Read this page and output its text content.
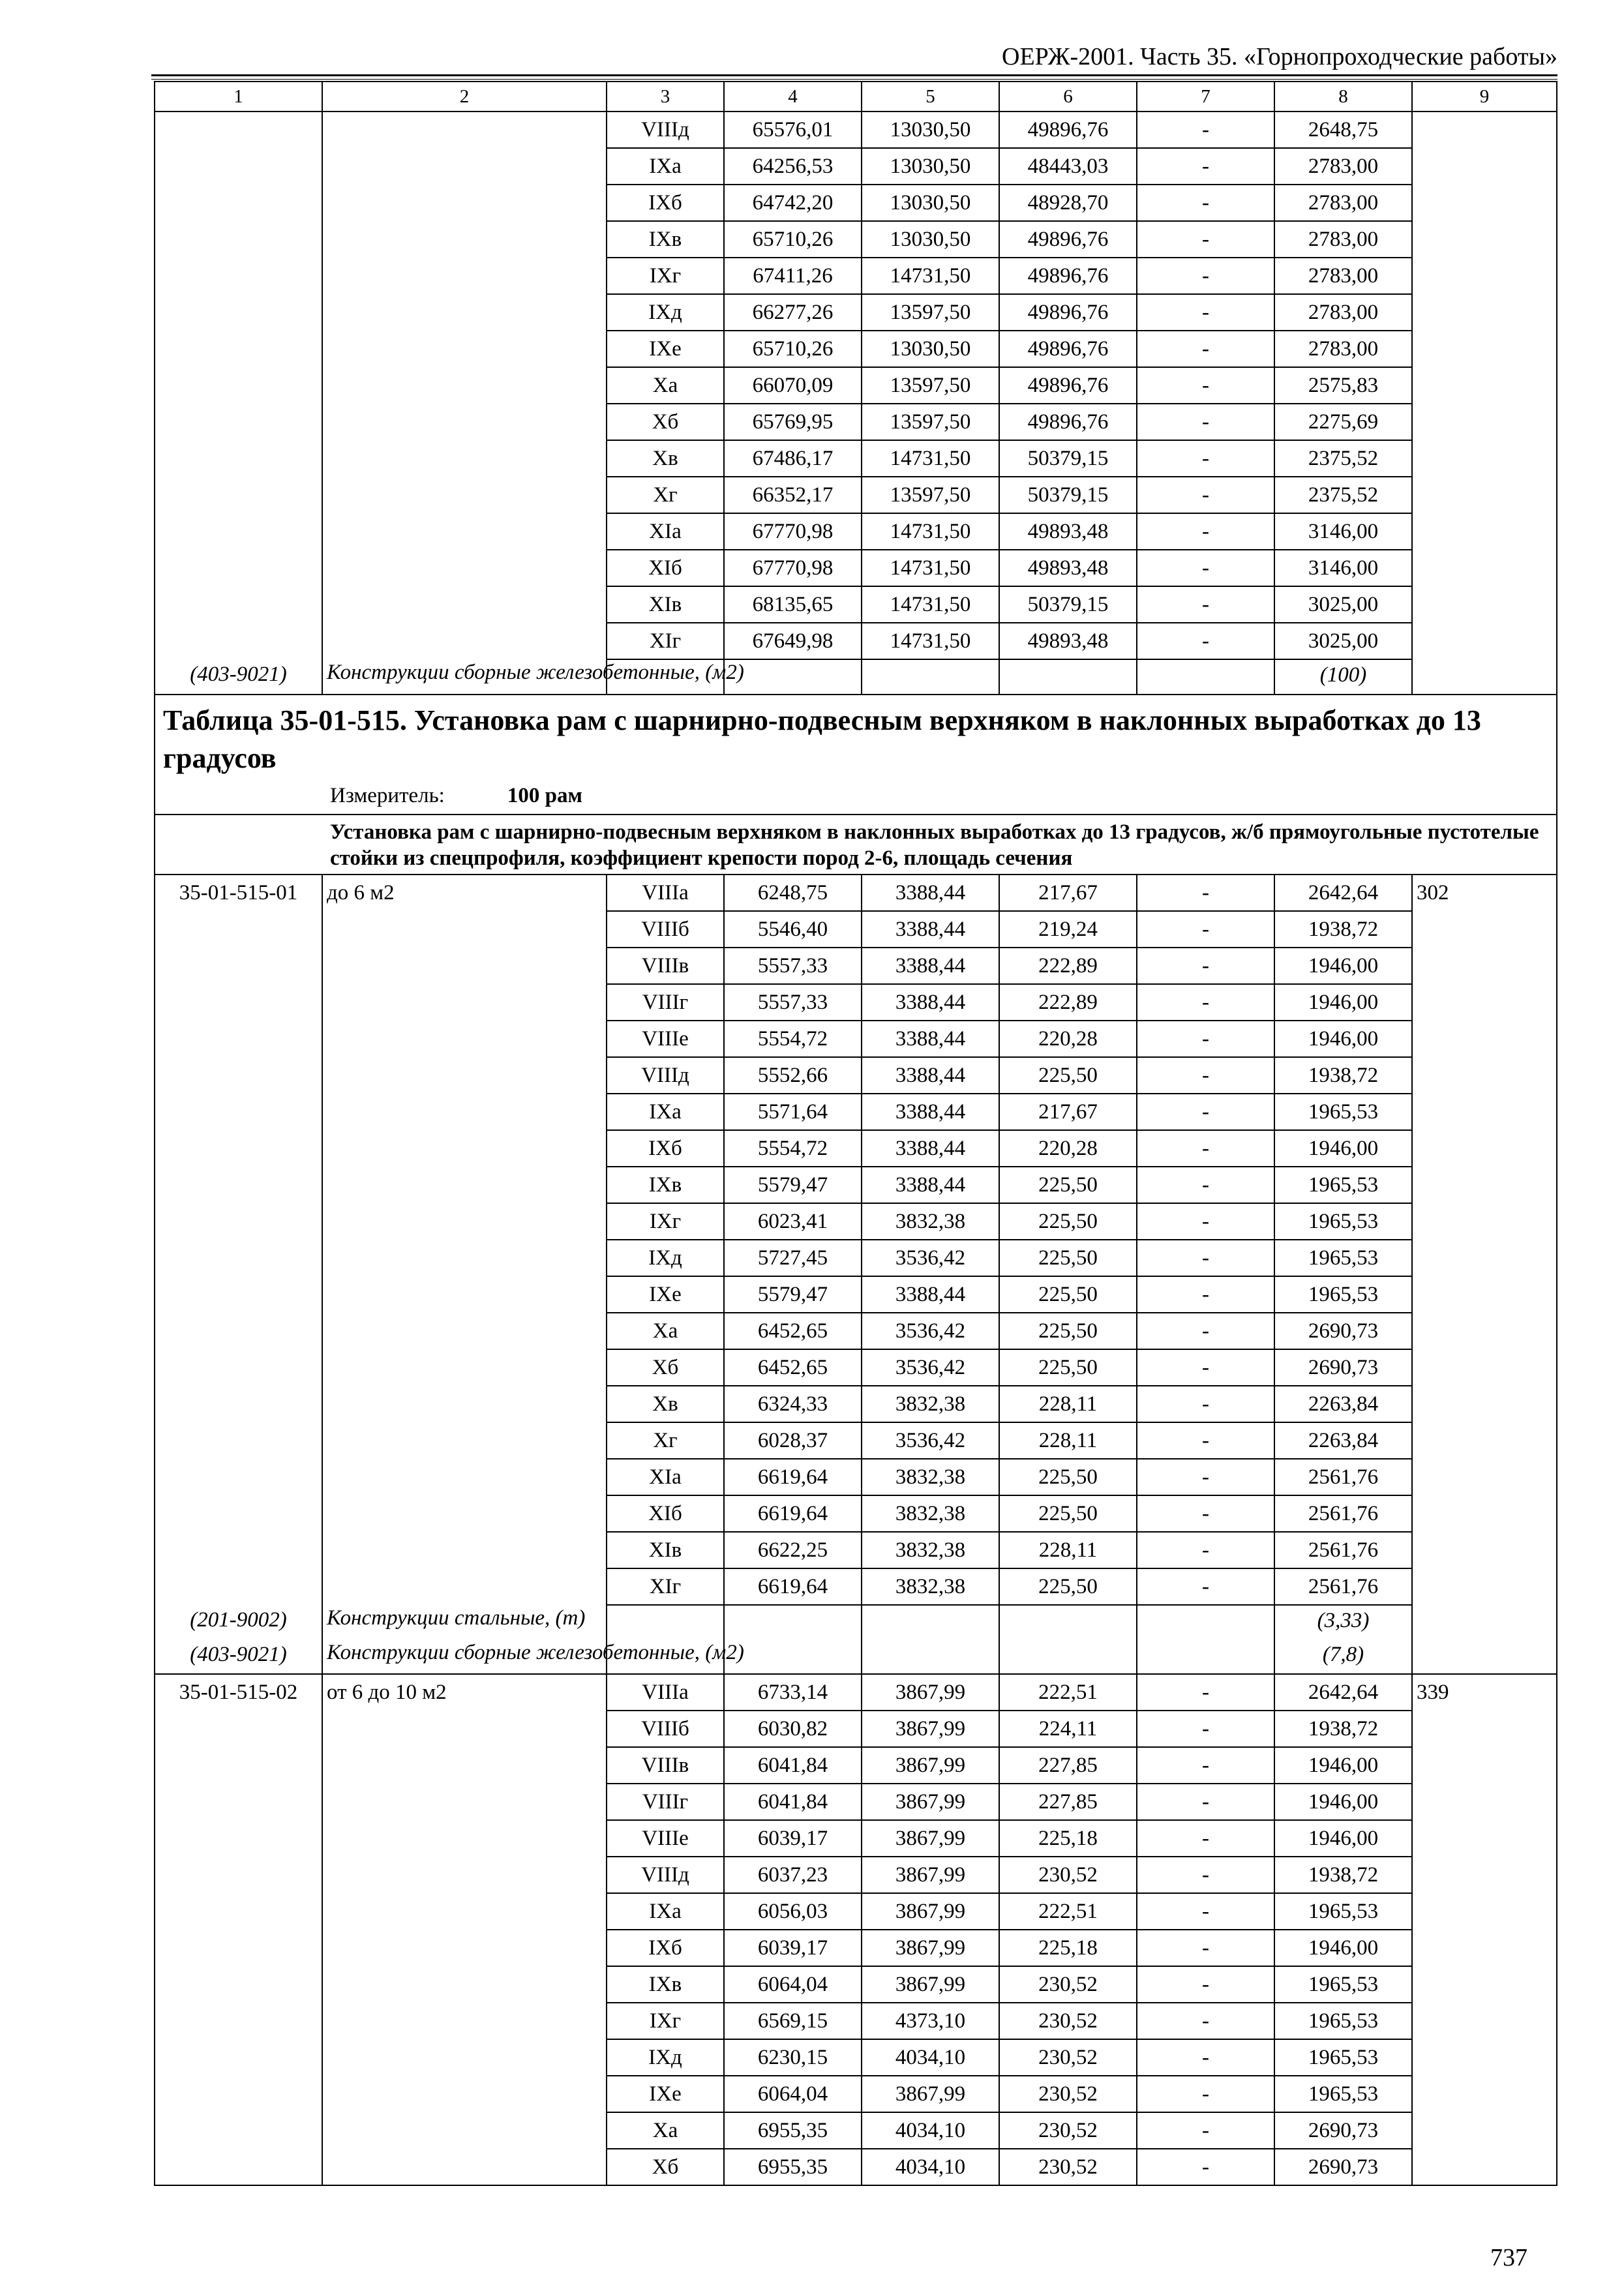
ОЕРЖ-2001. Часть 35. «Горнопроходческие работы»
1	2	3	4	5	6	7	8	9
		VIIIд	65576,01	13030,50	49896,76	-	2648,75	
		IXа	64256,53	13030,50	48443,03	-	2783,00	
		IXб	64742,20	13030,50	48928,70	-	2783,00	
		IXв	65710,26	13030,50	49896,76	-	2783,00	
		IXг	67411,26	14731,50	49896,76	-	2783,00	
		IXд	66277,26	13597,50	49896,76	-	2783,00	
		IXе	65710,26	13030,50	49896,76	-	2783,00	
		Xа	66070,09	13597,50	49896,76	-	2575,83	
		Xб	65769,95	13597,50	49896,76	-	2275,69	
		Xв	67486,17	14731,50	50379,15	-	2375,52	
		Xг	66352,17	13597,50	50379,15	-	2375,52	
		XIа	67770,98	14731,50	49893,48	-	3146,00	
		XIб	67770,98	14731,50	49893,48	-	3146,00	
		XIв	68135,65	14731,50	50379,15	-	3025,00	
		XIг	67649,98	14731,50	49893,48	-	3025,00	
(403-9021)	Конструкции сборные железобетонные, (м2)						(100)	
Таблица 35-01-515. Установка рам с шарнирно-подвесным верхняком в наклонных выработках до 13 градусов								
Измеритель: 100 рам								

Установка рам с шарнирно-подвесным верхняком в наклонных выработках до 13 градусов, ж/б прямоугольные пустотелые стойки из спецпрофиля, коэффициент крепости пород 2-6, площадь сечения								

35-01-515-01	до 6 м2	VIIIа	6248,75	3388,44	217,67	-	2642,64	302
		VIIIб	5546,40	3388,44	219,24	-	1938,72	
		VIIIв	5557,33	3388,44	222,89	-	1946,00	
		VIIIг	5557,33	3388,44	222,89	-	1946,00	
		VIIIе	5554,72	3388,44	220,28	-	1946,00	
		VIIIд	5552,66	3388,44	225,50	-	1938,72	
		IXа	5571,64	3388,44	217,67	-	1965,53	
		IXб	5554,72	3388,44	220,28	-	1946,00	
		IXв	5579,47	3388,44	225,50	-	1965,53	
		IXг	6023,41	3832,38	225,50	-	1965,53	
		IXд	5727,45	3536,42	225,50	-	1965,53	
		IXе	5579,47	3388,44	225,50	-	1965,53	
		Xа	6452,65	3536,42	225,50	-	2690,73	
		Xб	6452,65	3536,42	225,50	-	2690,73	
		Xв	6324,33	3832,38	228,11	-	2263,84	
		Xг	6028,37	3536,42	228,11	-	2263,84	
		XIа	6619,64	3832,38	225,50	-	2561,76	
		XIб	6619,64	3832,38	225,50	-	2561,76	
		XIв	6622,25	3832,38	228,11	-	2561,76	
		XIг	6619,64	3832,38	225,50	-	2561,76	
(201-9002)	Конструкции стальные, (т)						(3,33)	
(403-9021)	Конструкции сборные железобетонные, (м2)						(7,8)	
35-01-515-02	от 6 до 10 м2	VIIIа	6733,14	3867,99	222,51	-	2642,64	339
		VIIIб	6030,82	3867,99	224,11	-	1938,72	
		VIIIв	6041,84	3867,99	227,85	-	1946,00	
		VIIIг	6041,84	3867,99	227,85	-	1946,00	
		VIIIе	6039,17	3867,99	225,18	-	1946,00	
		VIIIд	6037,23	3867,99	230,52	-	1938,72	
		IXа	6056,03	3867,99	222,51	-	1965,53	
		IXб	6039,17	3867,99	225,18	-	1946,00	
		IXв	6064,04	3867,99	230,52	-	1965,53	
		IXг	6569,15	4373,10	230,52	-	1965,53	
		IXд	6230,15	4034,10	230,52	-	1965,53	
		IXе	6064,04	3867,99	230,52	-	1965,53	
		Xа	6955,35	4034,10	230,52	-	2690,73	
		Xб	6955,35	4034,10	230,52	-	2690,73	
737
